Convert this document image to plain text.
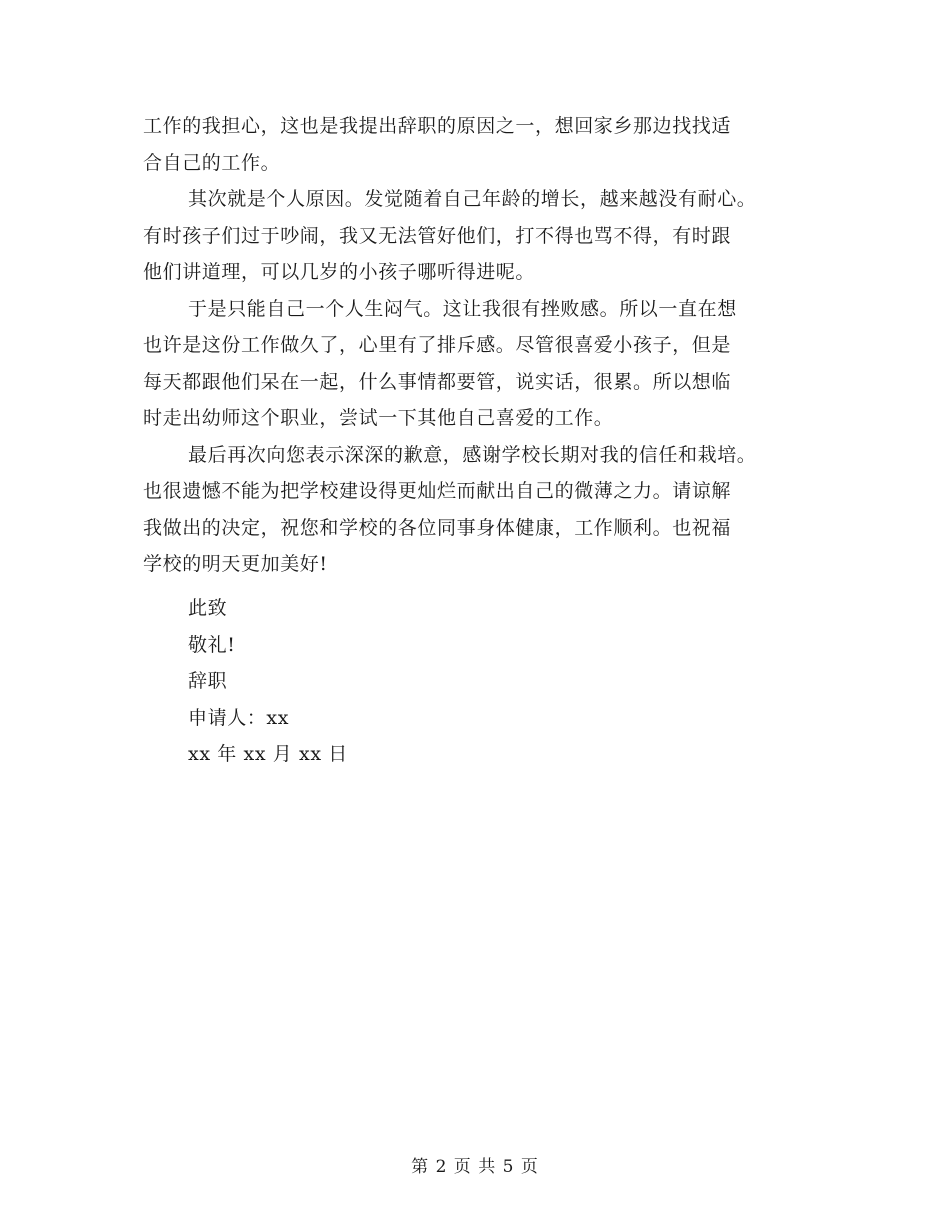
工作的我担心，这也是我提出辞职的原因之一，想回家乡那边找找适
合自己的工作。
其次就是个人原因。发觉随着自己年龄的增长，越来越没有耐心。
有时孩子们过于吵闹，我又无法管好他们，打不得也骂不得，有时跟
他们讲道理，可以几岁的小孩子哪听得进呢。
于是只能自己一个人生闷气。这让我很有挫败感。所以一直在想
也许是这份工作做久了，心里有了排斥感。尽管很喜爱小孩子，但是
每天都跟他们呆在一起，什么事情都要管，说实话，很累。所以想临
时走出幼师这个职业，尝试一下其他自己喜爱的工作。
最后再次向您表示深深的歉意，感谢学校长期对我的信任和栽培。
也很遗憾不能为把学校建设得更灿烂而献出自己的微薄之力。请谅解
我做出的决定，祝您和学校的各位同事身体健康，工作顺利。也祝福
学校的明天更加美好!
此致
敬礼!
辞职
申请人：xx
xx 年 xx 月 xx 日
第 2 页 共 5 页
